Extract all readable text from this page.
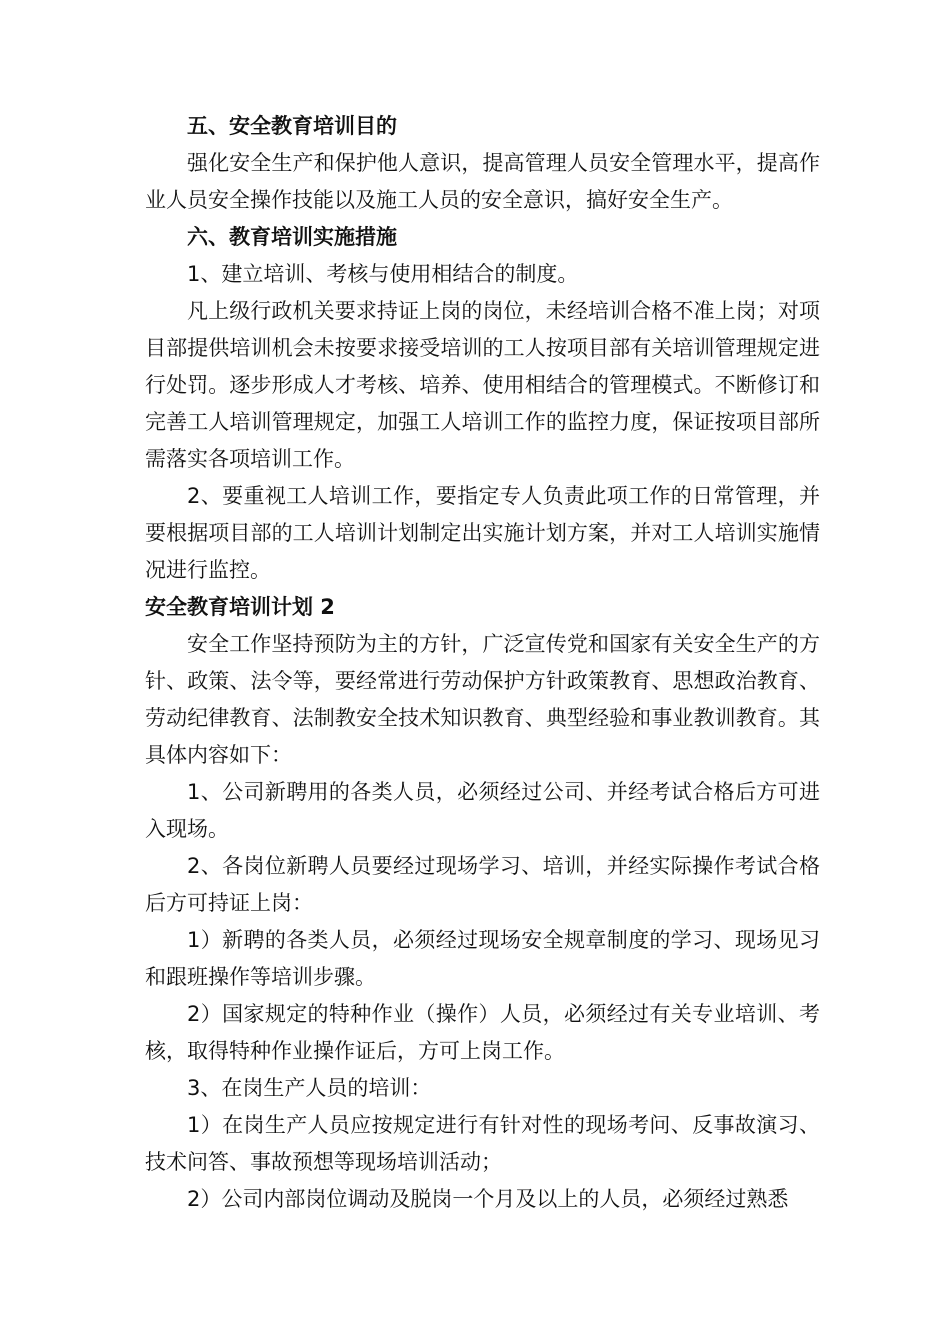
五、安全教育培训目的

强化安全生产和保护他人意识，提高管理人员安全管理水平，提高作业人员安全操作技能以及施工人员的安全意识，搞好安全生产。

六、教育培训实施措施

1、建立培训、考核与使用相结合的制度。

凡上级行政机关要求持证上岗的岗位，未经培训合格不准上岗；对项目部提供培训机会未按要求接受培训的工人按项目部有关培训管理规定进行处罚。逐步形成人才考核、培养、使用相结合的管理模式。不断修订和完善工人培训管理规定，加强工人培训工作的监控力度，保证按项目部所需落实各项培训工作。

2、要重视工人培训工作，要指定专人负责此项工作的日常管理，并要根据项目部的工人培训计划制定出实施计划方案，并对工人培训实施情况进行监控。

安全教育培训计划 2

安全工作坚持预防为主的方针，广泛宣传党和国家有关安全生产的方针、政策、法令等，要经常进行劳动保护方针政策教育、思想政治教育、劳动纪律教育、法制教安全技术知识教育、典型经验和事业教训教育。其具体内容如下：

1、公司新聘用的各类人员，必须经过公司、并经考试合格后方可进入现场。

2、各岗位新聘人员要经过现场学习、培训，并经实际操作考试合格后方可持证上岗：

1）新聘的各类人员，必须经过现场安全规章制度的学习、现场见习和跟班操作等培训步骤。

2）国家规定的特种作业（操作）人员，必须经过有关专业培训、考核，取得特种作业操作证后，方可上岗工作。

3、在岗生产人员的培训：

1）在岗生产人员应按规定进行有针对性的现场考问、反事故演习、技术问答、事故预想等现场培训活动；

2）公司内部岗位调动及脱岗一个月及以上的人员，必须经过熟悉
